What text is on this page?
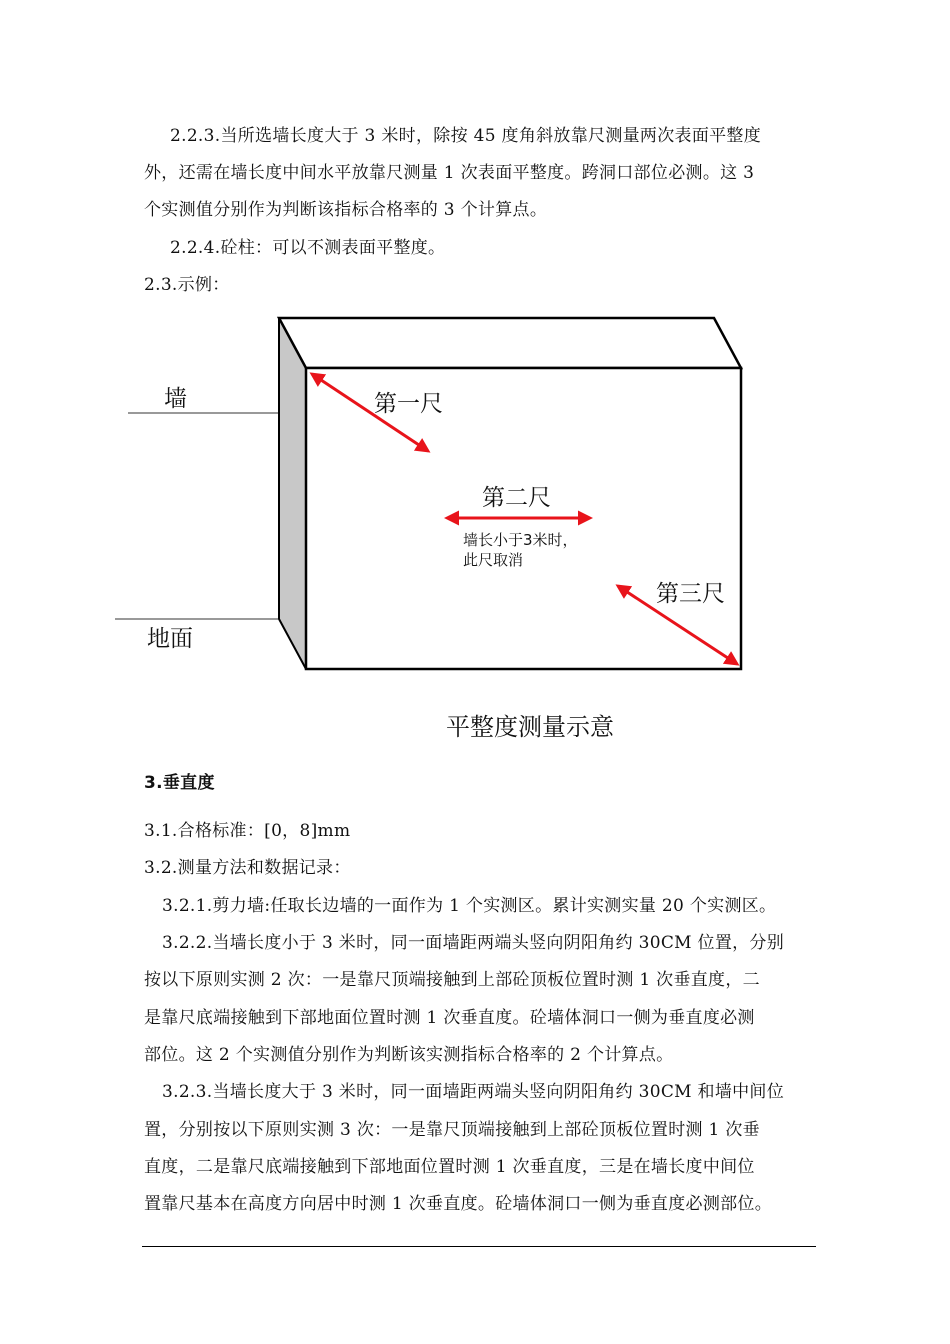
2.2.3.当所选墙长度大于 3 米时，除按 45 度角斜放靠尺测量两次表面平整度
外，还需在墙长度中间水平放靠尺测量 1 次表面平整度。跨洞口部位必测。这 3
个实测值分别作为判断该指标合格率的 3 个计算点。
2.2.4.砼柱：可以不测表面平整度。
2.3.示例：
墙
地面
第一尺
第二尺
墙长小于3米时，
此尺取消
第三尺
平整度测量示意
3.垂直度
3.1.合格标准：[0，8]mm
3.2.测量方法和数据记录：
3.2.1.剪力墙:任取长边墙的一面作为 1 个实测区。累计实测实量 20 个实测区。
3.2.2.当墙长度小于 3 米时，同一面墙距两端头竖向阴阳角约 30CM 位置，分别
按以下原则实测 2 次：一是靠尺顶端接触到上部砼顶板位置时测 1 次垂直度，二
是靠尺底端接触到下部地面位置时测 1 次垂直度。砼墙体洞口一侧为垂直度必测
部位。这 2 个实测值分别作为判断该实测指标合格率的 2 个计算点。
3.2.3.当墙长度大于 3 米时，同一面墙距两端头竖向阴阳角约 30CM 和墙中间位
置，分别按以下原则实测 3 次：一是靠尺顶端接触到上部砼顶板位置时测 1 次垂
直度，二是靠尺底端接触到下部地面位置时测 1 次垂直度，三是在墙长度中间位
置靠尺基本在高度方向居中时测 1 次垂直度。砼墙体洞口一侧为垂直度必测部位。
